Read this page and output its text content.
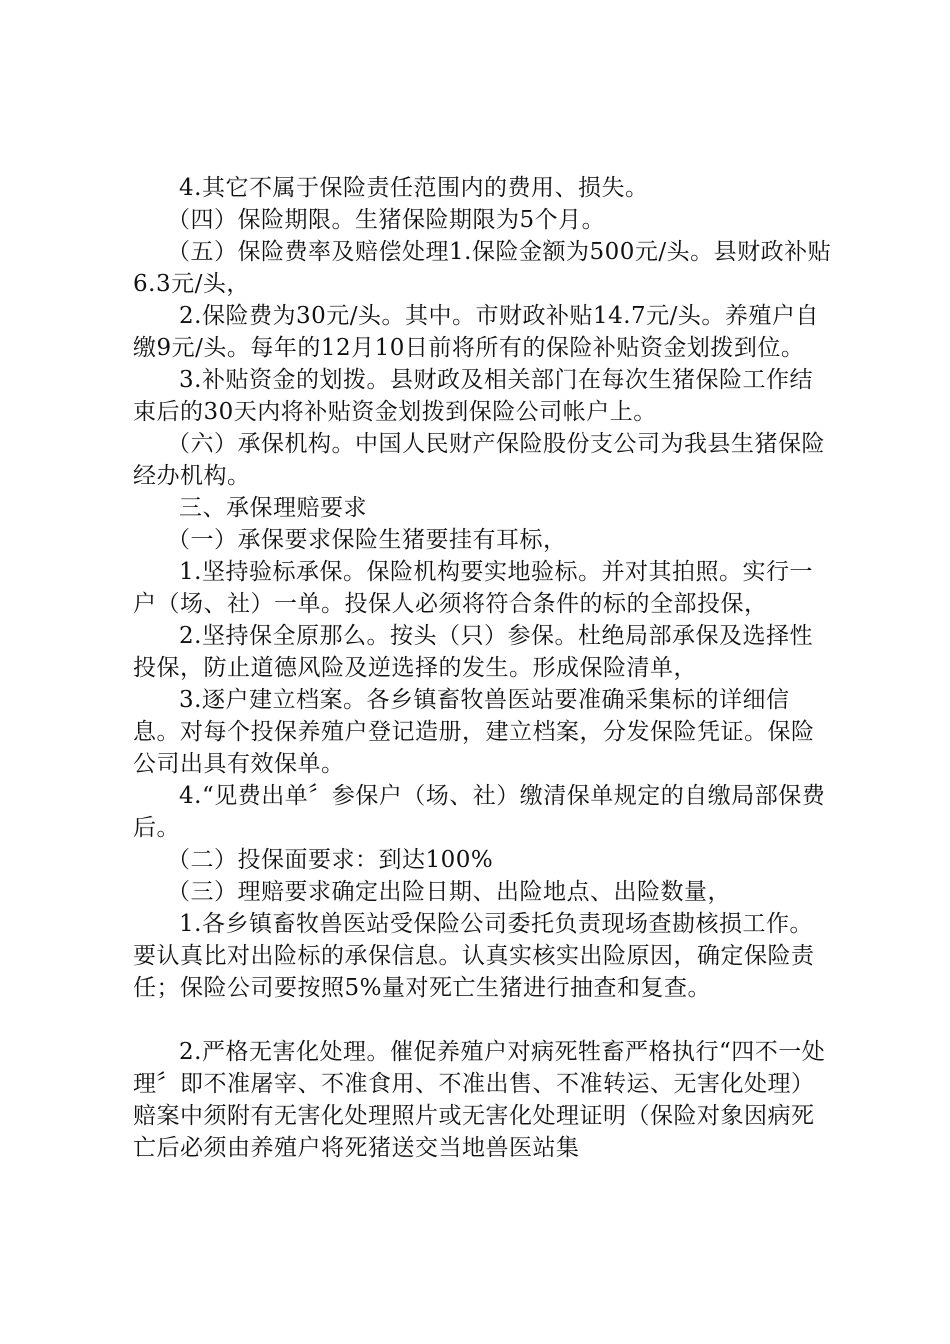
4.其它不属于保险责任范围内的费用、损失。

（四）保险期限。生猪保险期限为5个月。

（五）保险费率及赔偿处理1.保险金额为500元/头。县财政补贴6.3元/头，

2.保险费为30元/头。其中。市财政补贴14.7元/头。养殖户自缴9元/头。每年的12月10日前将所有的保险补贴资金划拨到位。

3.补贴资金的划拨。县财政及相关部门在每次生猪保险工作结束后的30天内将补贴资金划拨到保险公司帐户上。

（六）承保机构。中国人民财产保险股份支公司为我县生猪保险经办机构。

三、承保理赔要求

（一）承保要求保险生猪要挂有耳标，

1.坚持验标承保。保险机构要实地验标。并对其拍照。实行一户（场、社）一单。投保人必须将符合条件的标的全部投保，

2.坚持保全原那么。按头（只）参保。杜绝局部承保及选择性投保，防止道德风险及逆选择的发生。形成保险清单，

3.逐户建立档案。各乡镇畜牧兽医站要准确采集标的详细信息。对每个投保养殖户登记造册，建立档案，分发保险凭证。保险公司出具有效保单。

4.“见费出单〞参保户（场、社）缴清保单规定的自缴局部保费后。

（二）投保面要求：到达100%

（三）理赔要求确定出险日期、出险地点、出险数量，

1.各乡镇畜牧兽医站受保险公司委托负责现场查勘核损工作。要认真比对出险标的承保信息。认真实核实出险原因，确定保险责任；保险公司要按照5%量对死亡生猪进行抽查和复查。

2.严格无害化处理。催促养殖户对病死牲畜严格执行“四不一处理〞即不准屠宰、不准食用、不准出售、不准转运、无害化处理）赔案中须附有无害化处理照片或无害化处理证明（保险对象因病死亡后必须由养殖户将死猪送交当地兽医站集
